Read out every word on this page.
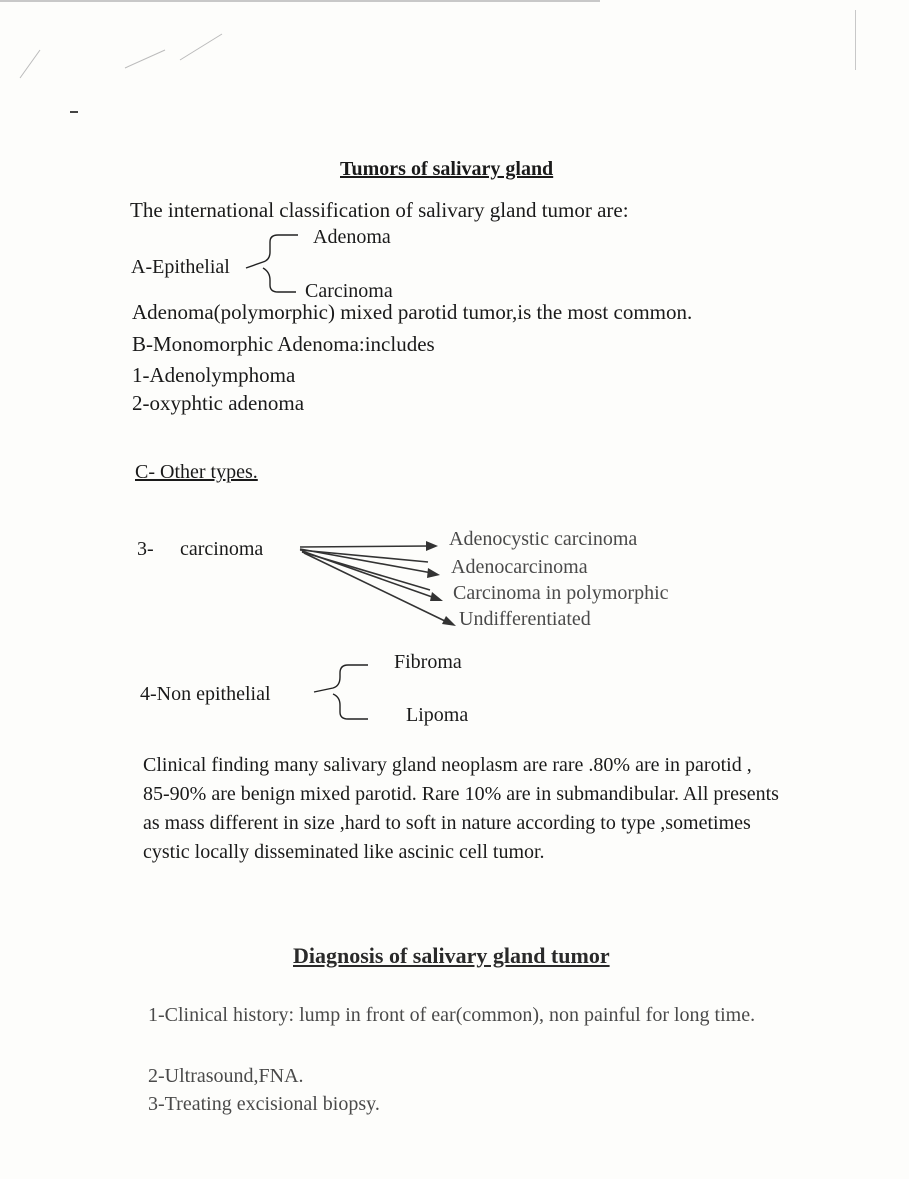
Tumors of salivary gland
The international classification of salivary gland tumor are:
A-Epithelial
Adenoma
Carcinoma
Adenoma(polymorphic) mixed parotid tumor,is the most common.
B-Monomorphic Adenoma:includes
1-Adenolymphoma
2-oxyphtic adenoma
C- Other types.
3- carcinoma	Adenocystic carcinoma
Adenocarcinoma
Carcinoma in polymorphic
Undifferentiated
4-Non epithelial
Fibroma
Lipoma
Clinical finding many salivary gland neoplasm are rare .80% are in parotid , 85-90% are benign mixed parotid. Rare 10% are in submandibular. All presents as mass different in size ,hard to soft in nature according to type ,sometimes cystic locally disseminated like ascinic cell tumor.
Diagnosis of salivary gland tumor
1-Clinical history: lump in front of ear(common), non painful for long time.
2-Ultrasound,FNA.
3-Treating excisional biopsy.
